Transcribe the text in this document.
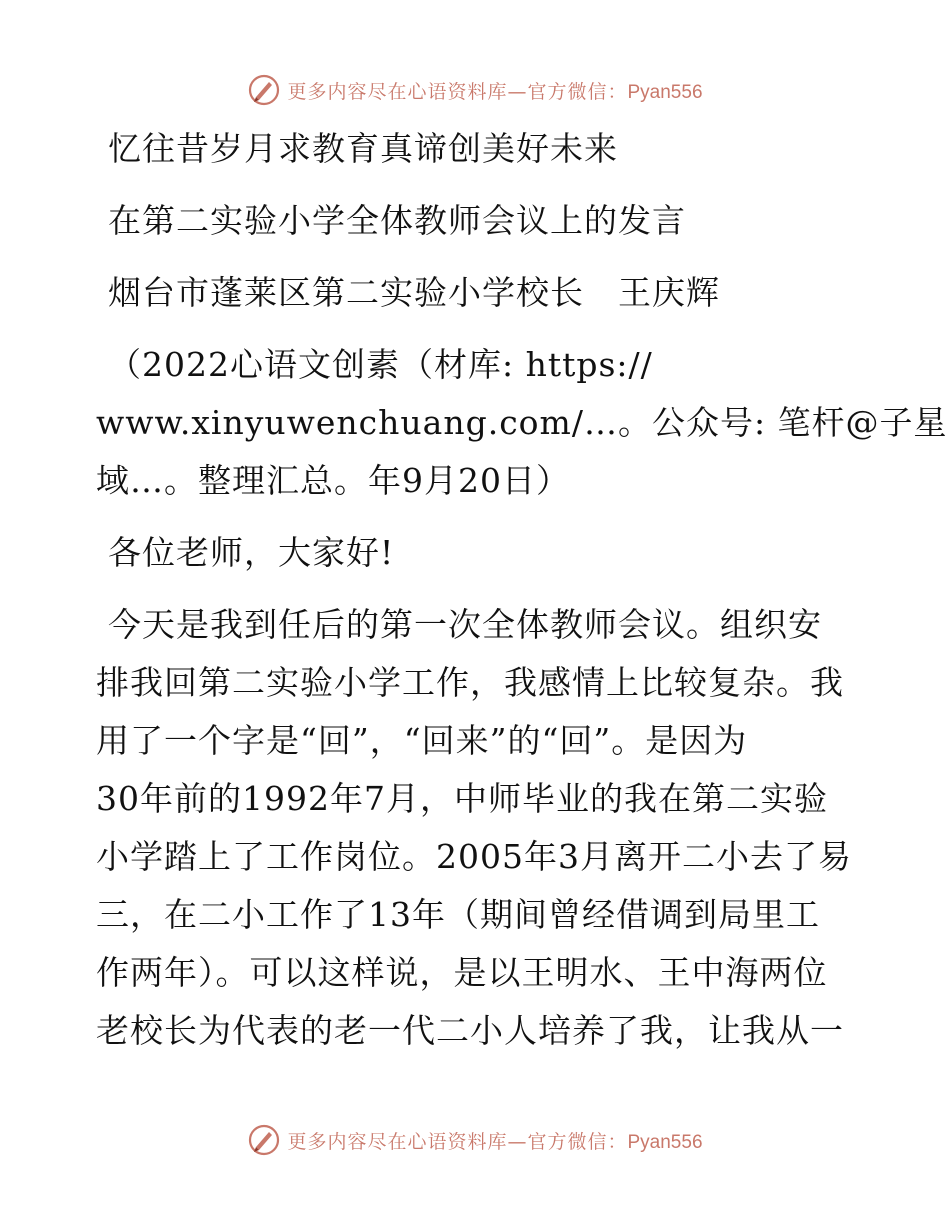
更多内容尽在心语资料库—官方微信：Pyan556
忆往昔岁月求教育真谛创美好未来
在第二实验小学全体教师会议上的发言
烟台市蓬莱区第二实验小学校长　王庆辉
（2022心语文创素（材库: https://
www.xinyuwenchuang.com/…。公众号: 笔杆@子星
域…。整理汇总。年9月20日）
各位老师，大家好!
今天是我到任后的第一次全体教师会议。组织安
排我回第二实验小学工作，我感情上比较复杂。我
用了一个字是“回”，“回来”的“回”。是因为
30年前的1992年7月，中师毕业的我在第二实验
小学踏上了工作岗位。2005年3月离开二小去了易
三，在二小工作了13年（期间曾经借调到局里工
作两年）。可以这样说，是以王明水、王中海两位
老校长为代表的老一代二小人培养了我，让我从一
更多内容尽在心语资料库—官方微信：Pyan556
